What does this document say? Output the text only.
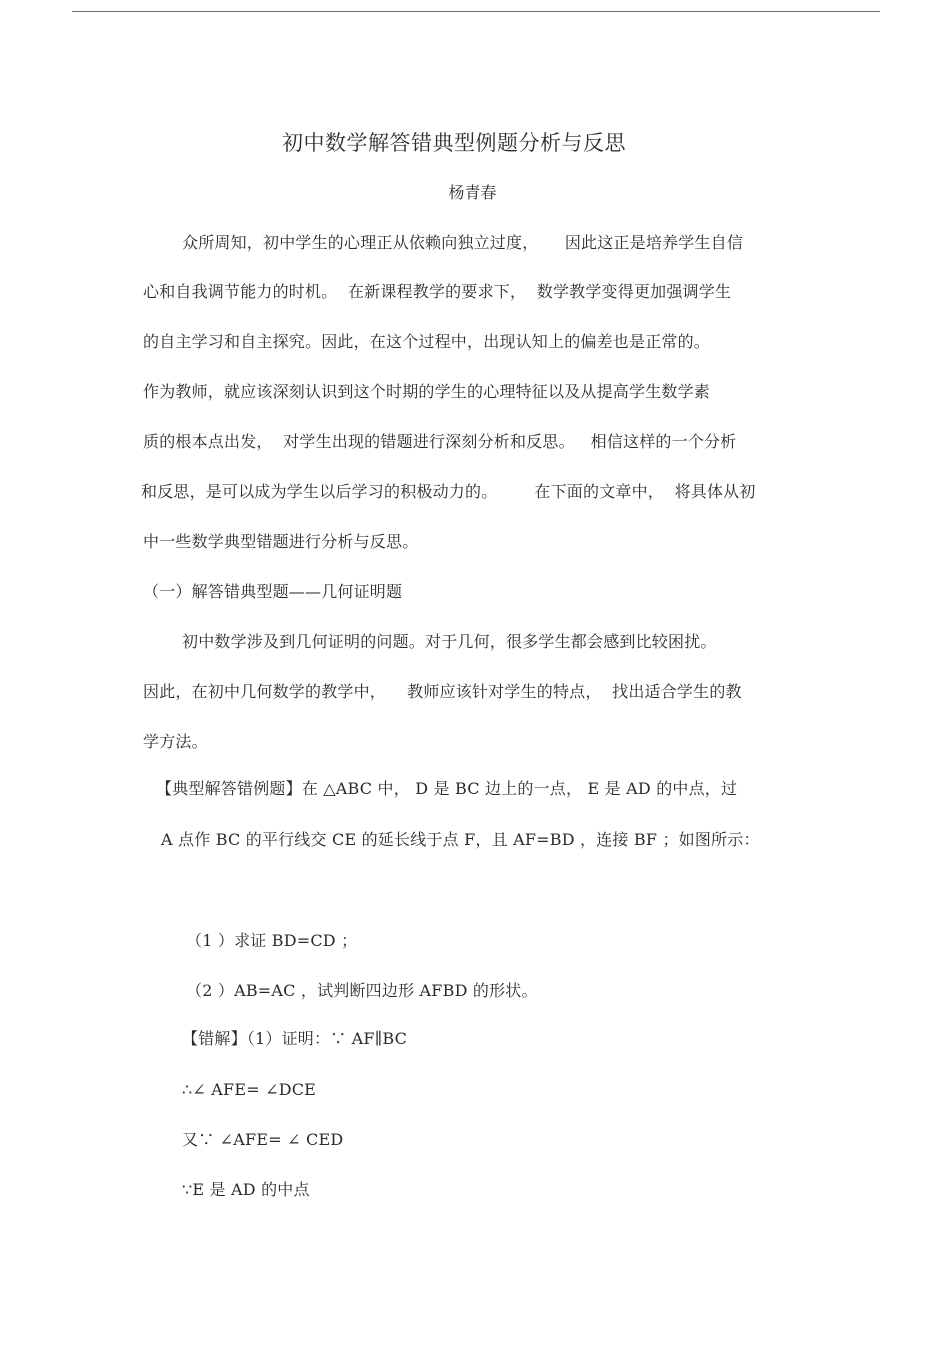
初中数学解答错典型例题分析与反思
杨青春
众所周知，初中学生的心理正从依赖向独立过度，     因此这正是培养学生自信
心和自我调节能力的时机。  在新课程教学的要求下，  数学教学变得更加强调学生
的自主学习和自主探究。因此，在这个过程中，出现认知上的偏差也是正常的。
作为教师，就应该深刻认识到这个时期的学生的心理特征以及从提高学生数学素
质的根本点出发，  对学生出现的错题进行深刻分析和反思。   相信这样的一个分析
和反思，是可以成为学生以后学习的积极动力的。       在下面的文章中，  将具体从初
中一些数学典型错题进行分析与反思。
（一）解答错典型题——几何证明题
初中数学涉及到几何证明的问题。对于几何，很多学生都会感到比较困扰。
因此，在初中几何数学的教学中，    教师应该针对学生的特点，  找出适合学生的教
学方法。
【典型解答错例题】在 △ABC 中， D 是 BC 边上的一点， E 是 AD 的中点，过
A 点作 BC 的平行线交 CE 的延长线于点 F，且 AF=BD ，连接 BF ；如图所示：
（1 ）求证 BD=CD ；
（2 ）AB=AC ，试判断四边形 AFBD 的形状。
【错解】（1）证明：∵ AF∥BC
∴∠ AFE= ∠DCE
又∵ ∠AFE= ∠ CED
∵E 是 AD 的中点
